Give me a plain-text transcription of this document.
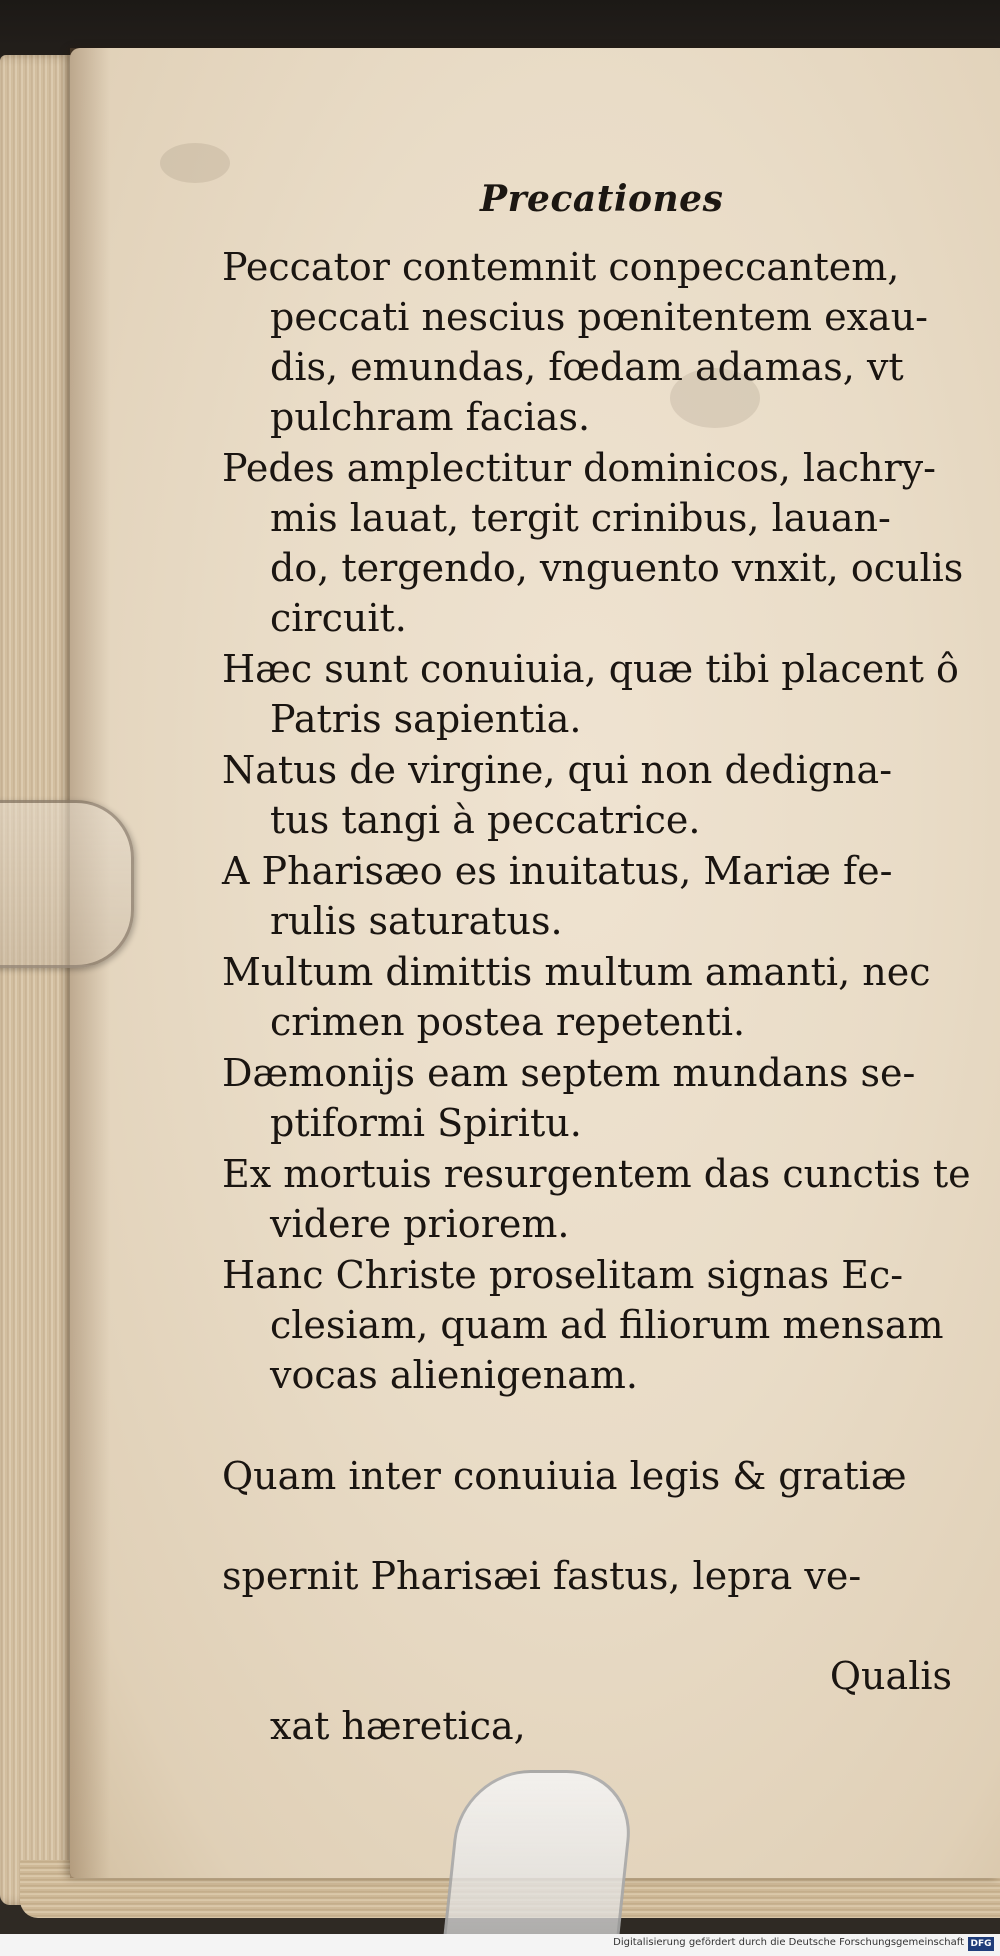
Precationes

Peccator contemnit conpeccantem, peccati nescius pœnitentem exau-
dis, emundas, fœdam adamas, vt pulchram facias.

Pedes amplectitur dominicos, lachry-
mis lauat, tergit crinibus, lauan-
do, tergendo, vnguento vnxit, oculis circuit.

Hæc sunt conuiuia, quæ tibi placent ô Patris sapientia.

Natus de virgine, qui non dedigna-
tus tangi à peccatrice.

A Pharisæo es inuitatus, Mariæ fe-
rulis saturatus.

Multum dimittis multum amanti, nec crimen postea repetenti.

Dæmonijs eam septem mundans se-
ptiformi Spiritu.

Ex mortuis resurgentem das cunctis te videre priorem.

Hanc Christe proselitam signas Ec-
clesiam, quam ad filiorum mensam vocas alienigenam.

Quam inter conuiuia legis & gratiæ

spernit Pharisæi fastus, lepra ve-

xat hæretica,

Qualis

Digitalisierung gefördert durch die Deutsche Forschungsgemeinschaft DFG
